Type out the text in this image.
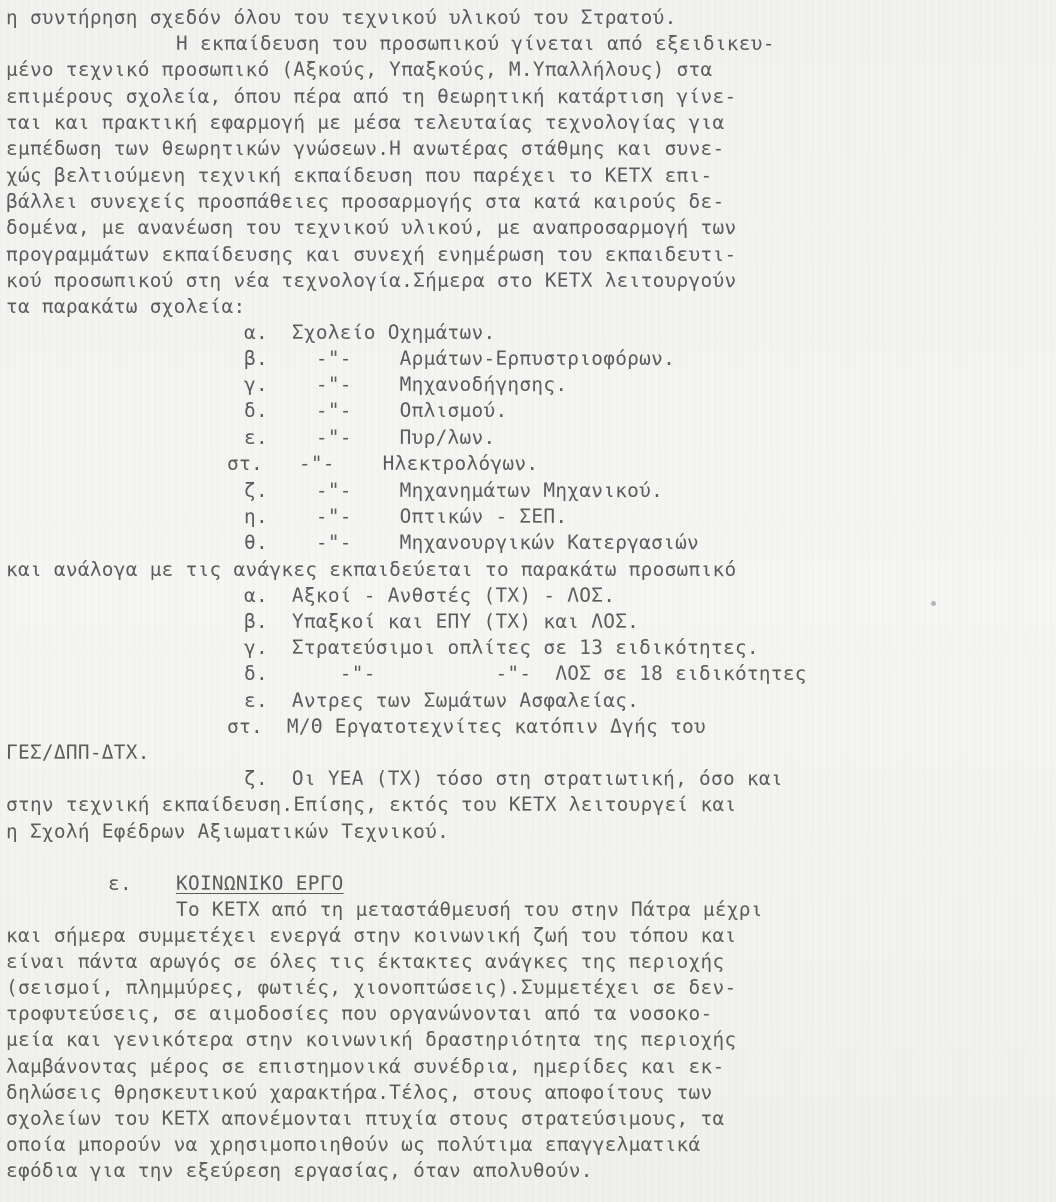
η συντήρηση σχεδόν όλου του τεχνικού υλικού του Στρατού.
Η εκπαίδευση του προσωπικού γίνεται από εξειδικευ-
μένο τεχνικό προσωπικό (Αξκούς, Υπαξκούς, Μ.Υπαλλήλους) στα
επιμέρους σχολεία, όπου πέρα από τη θεωρητική κατάρτιση γίνε-
ται και πρακτική εφαρμογή με μέσα τελευταίας τεχνολογίας για
εμπέδωση των θεωρητικών γνώσεων.Η ανωτέρας στάθμης και συνε-
χώς βελτιούμενη τεχνική εκπαίδευση που παρέχει το ΚΕΤΧ επι-
βάλλει συνεχείς προσπάθειες προσαρμογής στα κατά καιρούς δε-
δομένα, με ανανέωση του τεχνικού υλικού, με αναπροσαρμογή των
προγραμμάτων εκπαίδευσης και συνεχή ενημέρωση του εκπαιδευτι-
κού προσωπικού στη νέα τεχνολογία.Σήμερα στο ΚΕΤΧ λειτουργούν
τα παρακάτω σχολεία:
α.  Σχολείο Οχημάτων.
β.    -"-    Αρμάτων-Ερπυστριοφόρων.
γ.    -"-    Μηχανοδήγησης.
δ.    -"-    Οπλισμού.
ε.    -"-    Πυρ/λων.
στ.   -"-    Ηλεκτρολόγων.
ζ.    -"-    Μηχανημάτων Μηχανικού.
η.    -"-    Οπτικών - ΣΕΠ.
θ.    -"-    Μηχανουργικών Κατεργασιών
και ανάλογα με τις ανάγκες εκπαιδεύεται το παρακάτω προσωπικό
α.  Αξκοί - Ανθστές (ΤΧ) - ΛΟΣ.
β.  Υπαξκοί και ΕΠΥ (ΤΧ) και ΛΟΣ.
γ.  Στρατεύσιμοι οπλίτες σε 13 ειδικότητες.
δ.      -"-          -"-  ΛΟΣ σε 18 ειδικότητες
ε.  Αντρες των Σωμάτων Ασφαλείας.
στ.  Μ/Θ Εργατοτεχνίτες κατόπιν Δγής του
ΓΕΣ/ΔΠΠ-ΔΤΧ.
ζ.  Οι ΥΕΑ (ΤΧ) τόσο στη στρατιωτική, όσο και
στην τεχνική εκπαίδευση.Επίσης, εκτός του ΚΕΤΧ λειτουργεί και
η Σχολή Εφέδρων Αξιωματικών Τεχνικού.
ε. ΚΟΙΝΩΝΙΚΟ ΕΡΓΟ
Το ΚΕΤΧ από τη μεταστάθμευσή του στην Πάτρα μέχρι
και σήμερα συμμετέχει ενεργά στην κοινωνική ζωή του τόπου και
είναι πάντα αρωγός σε όλες τις έκτακτες ανάγκες της περιοχής
(σεισμοί, πλημμύρες, φωτιές, χιονοπτώσεις).Συμμετέχει σε δεν-
τροφυτεύσεις, σε αιμοδοσίες που οργανώνονται από τα νοσοκο-
μεία και γενικότερα στην κοινωνική δραστηριότητα της περιοχής
λαμβάνοντας μέρος σε επιστημονικά συνέδρια, ημερίδες και εκ-
δηλώσεις θρησκευτικού χαρακτήρα.Τέλος, στους αποφοίτους των
σχολείων του ΚΕΤΧ απονέμονται πτυχία στους στρατεύσιμους, τα
οποία μπορούν να χρησιμοποιηθούν ως πολύτιμα επαγγελματικά
εφόδια για την εξεύρεση εργασίας, όταν απολυθούν.
